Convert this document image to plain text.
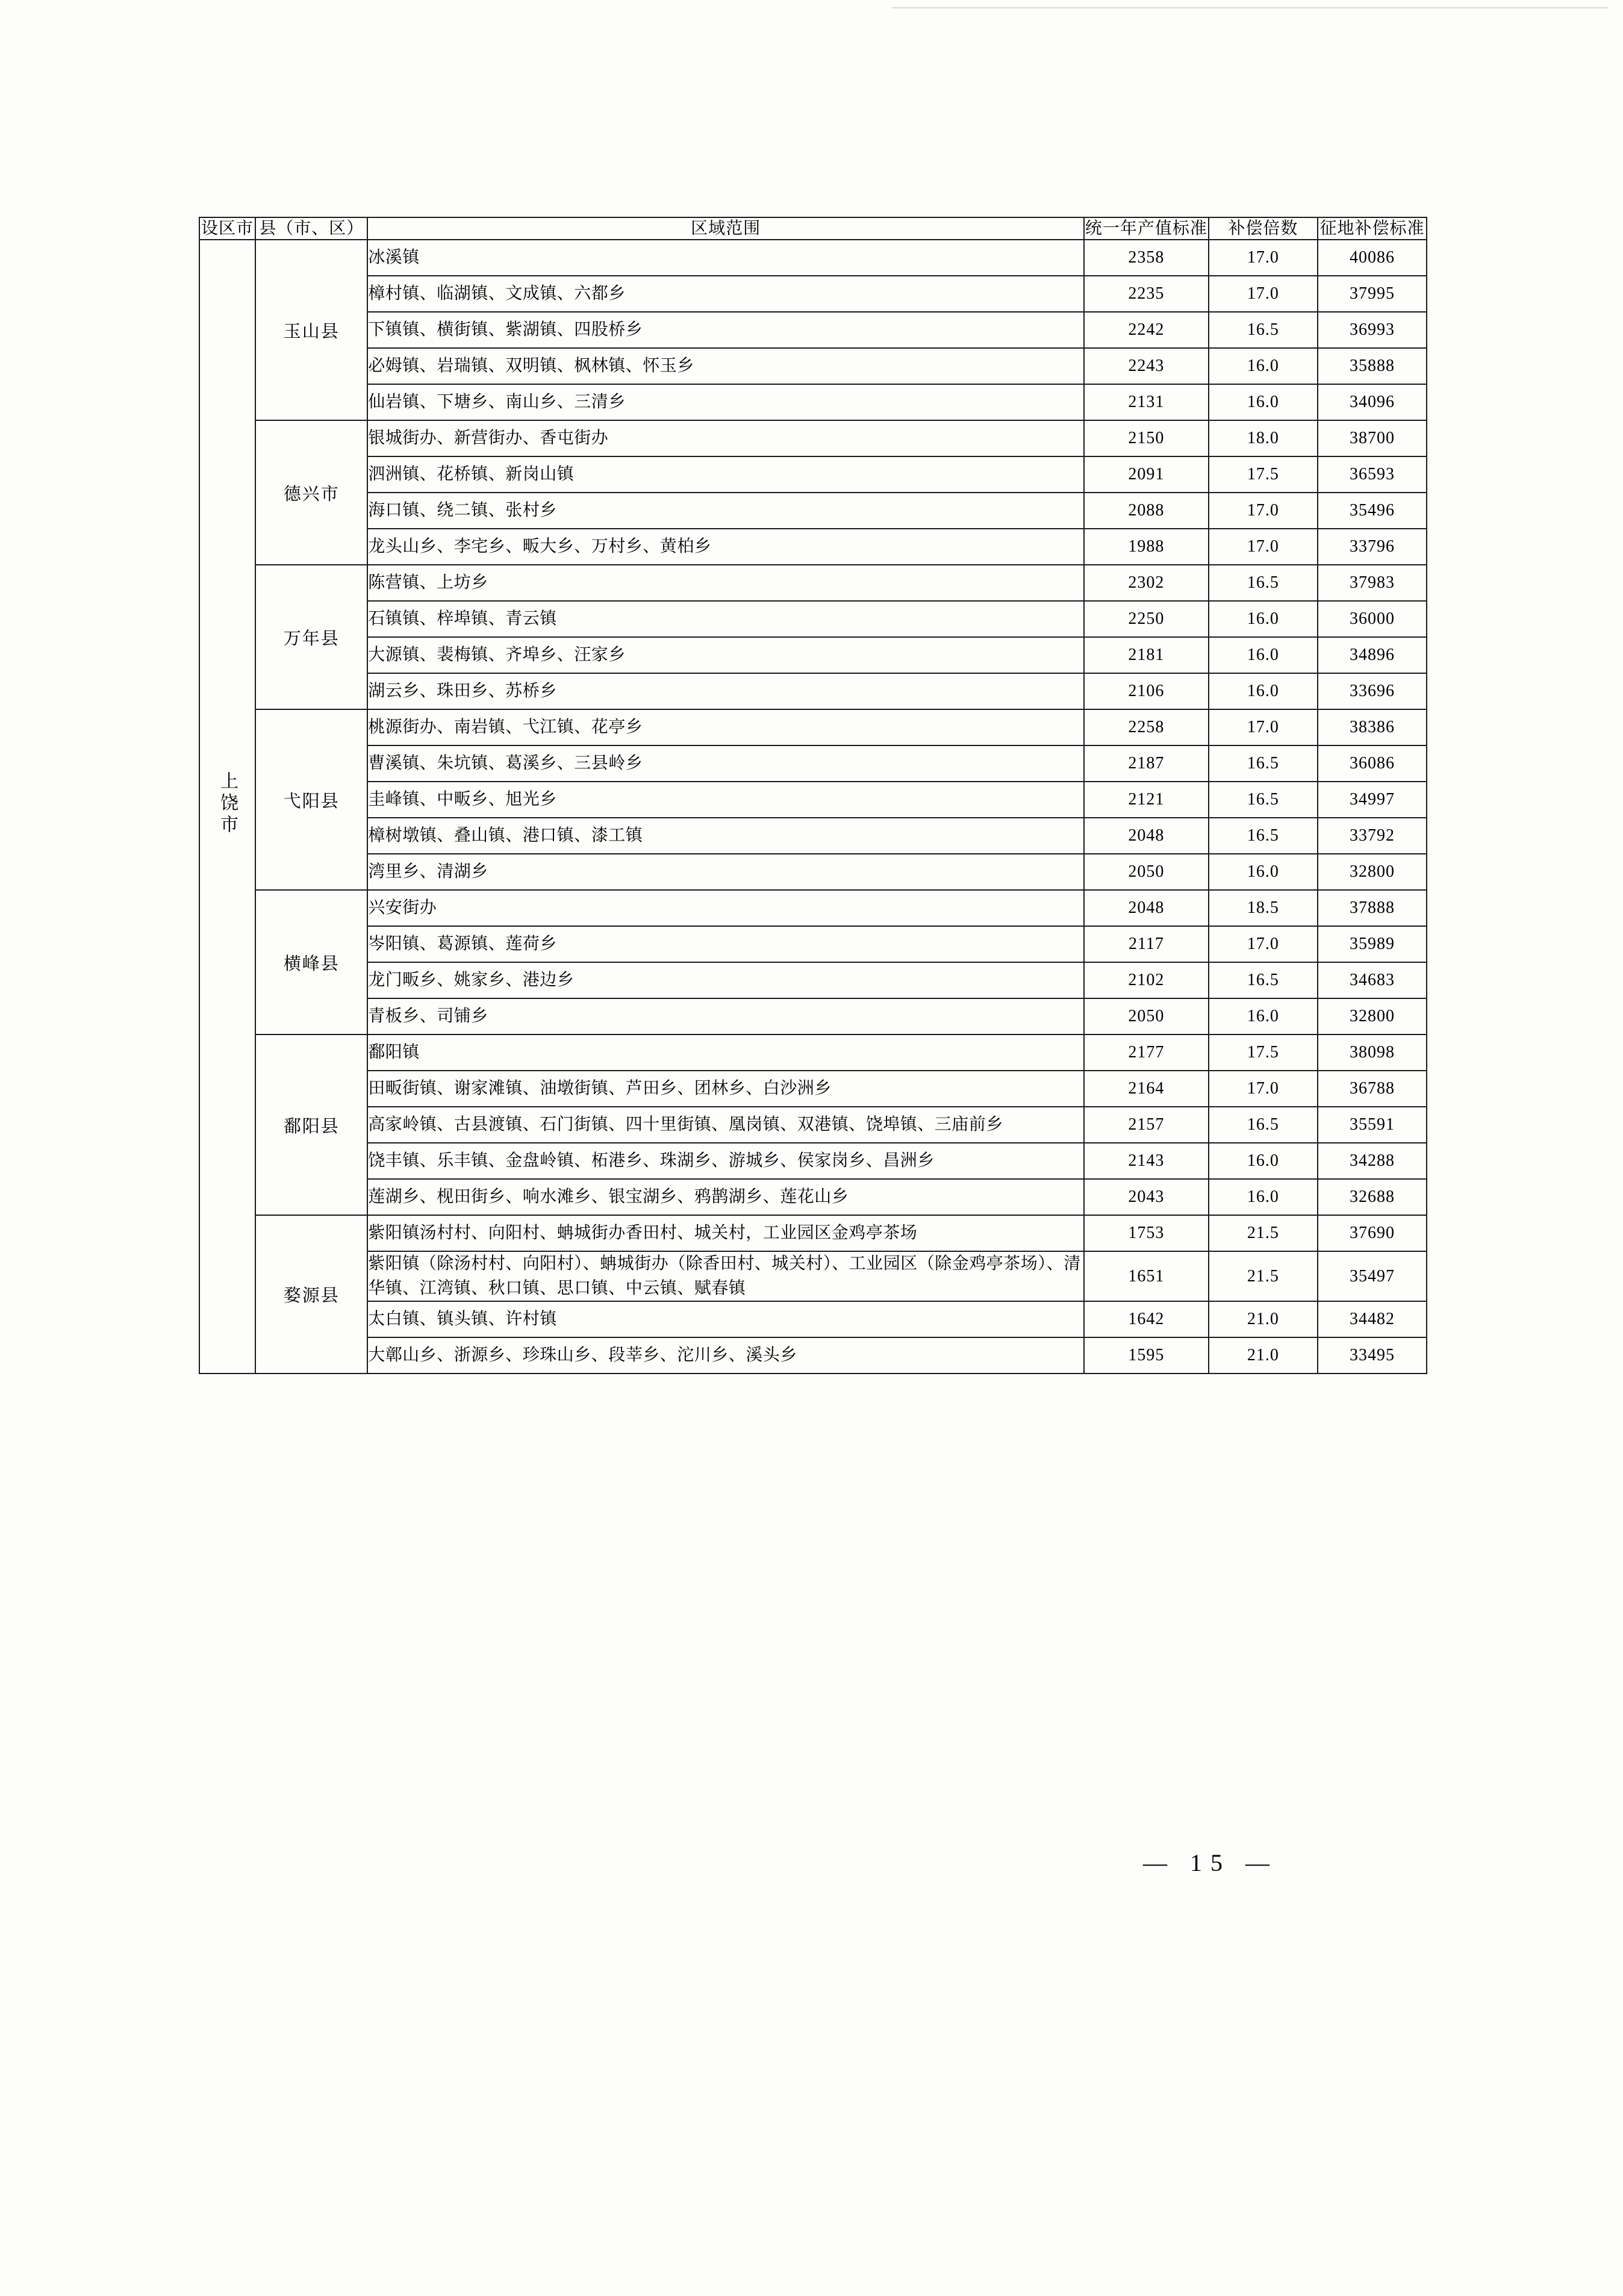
设区市	县（市、区）	区域范围	统一年产值标准	补偿倍数	征地补偿标准
上饶市	玉山县	冰溪镇	2358	17.0	40086
		樟村镇、临湖镇、文成镇、六都乡	2235	17.0	37995
		下镇镇、横街镇、紫湖镇、四股桥乡	2242	16.5	36993
		必姆镇、岩瑞镇、双明镇、枫林镇、怀玉乡	2243	16.0	35888
		仙岩镇、下塘乡、南山乡、三清乡	2131	16.0	34096
	德兴市	银城街办、新营街办、香屯街办	2150	18.0	38700
		泗洲镇、花桥镇、新岗山镇	2091	17.5	36593
		海口镇、绕二镇、张村乡	2088	17.0	35496
		龙头山乡、李宅乡、畈大乡、万村乡、黄柏乡	1988	17.0	33796
	万年县	陈营镇、上坊乡	2302	16.5	37983
		石镇镇、梓埠镇、青云镇	2250	16.0	36000
		大源镇、裴梅镇、齐埠乡、汪家乡	2181	16.0	34896
		湖云乡、珠田乡、苏桥乡	2106	16.0	33696
	弋阳县	桃源街办、南岩镇、弋江镇、花亭乡	2258	17.0	38386
		曹溪镇、朱坑镇、葛溪乡、三县岭乡	2187	16.5	36086
		圭峰镇、中畈乡、旭光乡	2121	16.5	34997
		樟树墩镇、叠山镇、港口镇、漆工镇	2048	16.5	33792
		湾里乡、清湖乡	2050	16.0	32800
	横峰县	兴安街办	2048	18.5	37888
		岑阳镇、葛源镇、莲荷乡	2117	17.0	35989
		龙门畈乡、姚家乡、港边乡	2102	16.5	34683
		青板乡、司铺乡	2050	16.0	32800
	鄱阳县	鄱阳镇	2177	17.5	38098
		田畈街镇、谢家滩镇、油墩街镇、芦田乡、团林乡、白沙洲乡	2164	17.0	36788
		高家岭镇、古县渡镇、石门街镇、四十里街镇、凰岗镇、双港镇、饶埠镇、三庙前乡	2157	16.5	35591
		饶丰镇、乐丰镇、金盘岭镇、柘港乡、珠湖乡、游城乡、侯家岗乡、昌洲乡	2143	16.0	34288
		莲湖乡、枧田街乡、响水滩乡、银宝湖乡、鸦鹊湖乡、莲花山乡	2043	16.0	32688
	婺源县	紫阳镇汤村村、向阳村、蚺城街办香田村、城关村，工业园区金鸡亭茶场	1753	21.5	37690
		紫阳镇（除汤村村、向阳村）、蚺城街办（除香田村、城关村）、工业园区（除金鸡亭茶场）、清华镇、江湾镇、秋口镇、思口镇、中云镇、赋春镇	1651	21.5	35497
		太白镇、镇头镇、许村镇	1642	21.0	34482
		大鄣山乡、浙源乡、珍珠山乡、段莘乡、沱川乡、溪头乡	1595	21.0	33495
— 15 —
